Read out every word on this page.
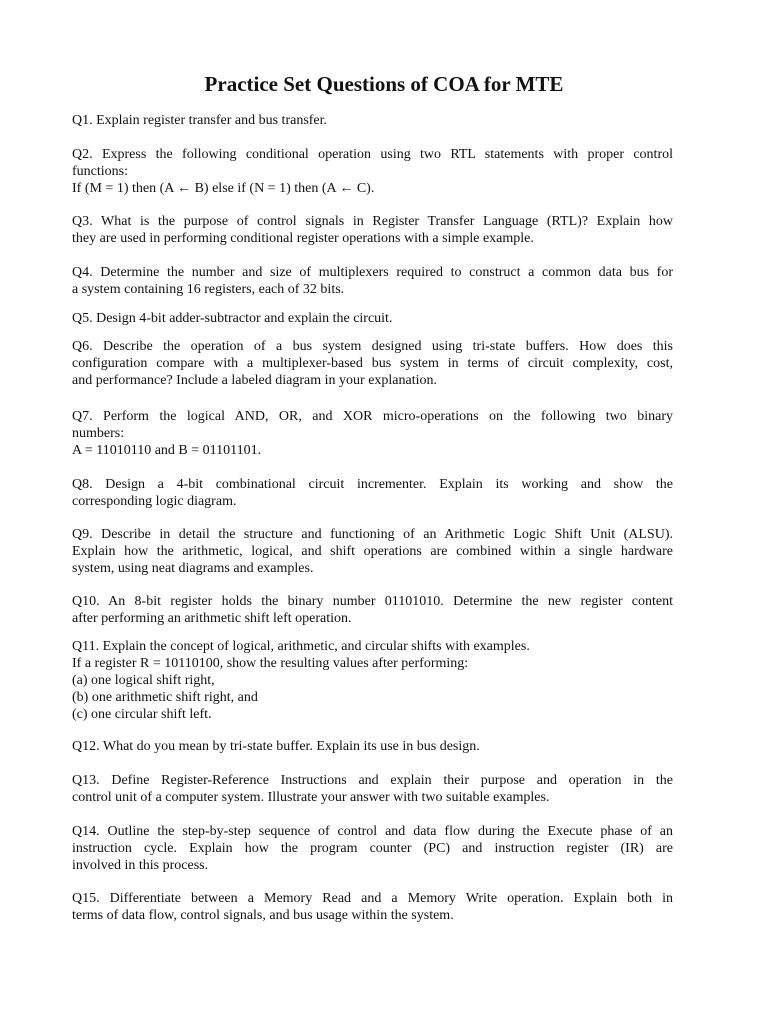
Practice Set Questions of COA for MTE
Q1. Explain register transfer and bus transfer.
Q2. Express the following conditional operation using two RTL statements with proper control
functions:
If (M = 1) then (A ← B) else if (N = 1) then (A ← C).
Q3. What is the purpose of control signals in Register Transfer Language (RTL)? Explain how
they are used in performing conditional register operations with a simple example.
Q4. Determine the number and size of multiplexers required to construct a common data bus for
a system containing 16 registers, each of 32 bits.
Q5. Design 4-bit adder-subtractor and explain the circuit.
Q6. Describe the operation of a bus system designed using tri-state buffers. How does this
configuration compare with a multiplexer-based bus system in terms of circuit complexity, cost,
and performance? Include a labeled diagram in your explanation.
Q7. Perform the logical AND, OR, and XOR micro-operations on the following two binary
numbers:
A = 11010110 and B = 01101101.
Q8. Design a 4-bit combinational circuit incrementer. Explain its working and show the
corresponding logic diagram.
Q9. Describe in detail the structure and functioning of an Arithmetic Logic Shift Unit (ALSU).
Explain how the arithmetic, logical, and shift operations are combined within a single hardware
system, using neat diagrams and examples.
Q10. An 8-bit register holds the binary number 01101010. Determine the new register content
after performing an arithmetic shift left operation.
Q11. Explain the concept of logical, arithmetic, and circular shifts with examples.
If a register R = 10110100, show the resulting values after performing:
(a) one logical shift right,
(b) one arithmetic shift right, and
(c) one circular shift left.
Q12. What do you mean by tri-state buffer. Explain its use in bus design.
Q13. Define Register-Reference Instructions and explain their purpose and operation in the
control unit of a computer system. Illustrate your answer with two suitable examples.
Q14. Outline the step-by-step sequence of control and data flow during the Execute phase of an
instruction cycle. Explain how the program counter (PC) and instruction register (IR) are
involved in this process.
Q15. Differentiate between a Memory Read and a Memory Write operation. Explain both in
terms of data flow, control signals, and bus usage within the system.
